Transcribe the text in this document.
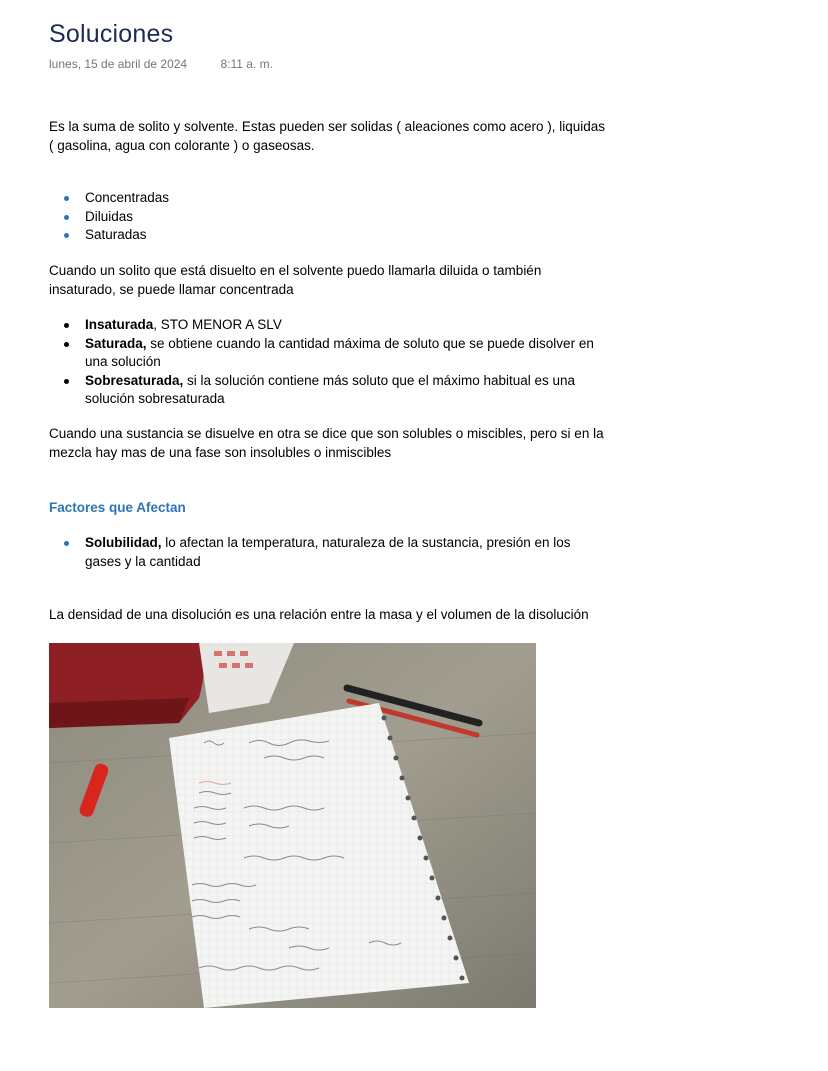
Soluciones
lunes, 15 de abril de 2024	8:11 a. m.

Es la suma de solito y solvente. Estas pueden ser solidas ( aleaciones como acero ), liquidas ( gasolina, agua con colorante ) o gaseosas.

Concentradas
Diluidas
Saturadas

Cuando un solito que está disuelto en el solvente puedo llamarla diluida o también insaturado, se puede llamar concentrada

Insaturada, STO MENOR A SLV
Saturada, se obtiene cuando la cantidad máxima de soluto que se puede disolver en una solución
Sobresaturada, si la solución contiene más soluto que el máximo habitual es una solución sobresaturada

Cuando una sustancia se disuelve en otra se dice que son solubles o miscibles, pero si en la mezcla hay mas de una fase son insolubles o inmiscibles

Factores que Afectan
Solubilidad, lo afectan la temperatura, naturaleza de la sustancia, presión en los gases y la cantidad

La densidad de una disolución es una relación entre la masa y el volumen de la disolución
